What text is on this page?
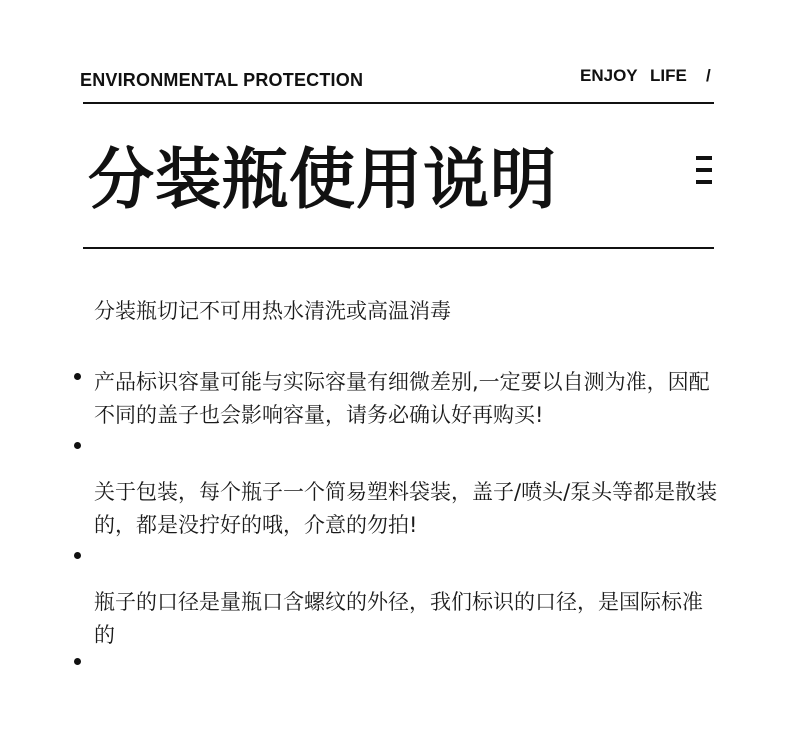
ENVIRONMENTAL PROTECTION	ENJOY LIFE /
分装瓶使用说明
分装瓶切记不可用热水清洗或高温消毒
产品标识容量可能与实际容量有细微差别,一定要以自测为准，因配不同的盖子也会影响容量，请务必确认好再购买!
关于包装，每个瓶子一个简易塑料袋装，盖子/喷头/泵头等都是散装的，都是没拧好的哦，介意的勿拍!
瓶子的口径是量瓶口含螺纹的外径，我们标识的口径，是国际标准的
